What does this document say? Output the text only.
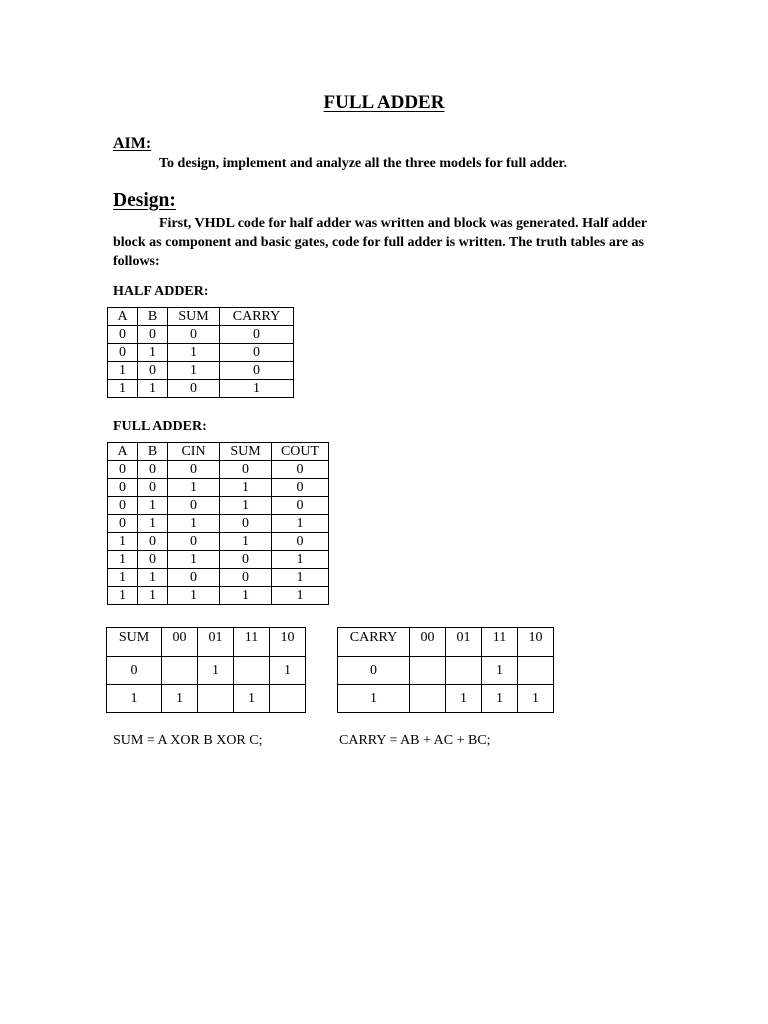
FULL ADDER
AIM:
To design, implement and analyze all the three models for full adder.
Design:

First, VHDL code for half adder was written and block was generated. Half adder block as component and basic gates, code for full adder is written. The truth tables are as follows:

HALF ADDER:
A	B	SUM	CARRY
0	0	0	0
0	1	1	0
1	0	1	0
1	1	0	1
FULL ADDER:
A	B	CIN	SUM	COUT
0	0	0	0	0
0	0	1	1	0
0	1	0	1	0
0	1	1	0	1
1	0	0	1	0
1	0	1	0	1
1	1	0	0	1
1	1	1	1	1
SUM	00	01	11	10
0		1		1
1	1		1	
CARRY	00	01	11	10
0			1	
1		1	1	1
SUM = A XOR B XOR C;	CARRY = AB + AC + BC;
